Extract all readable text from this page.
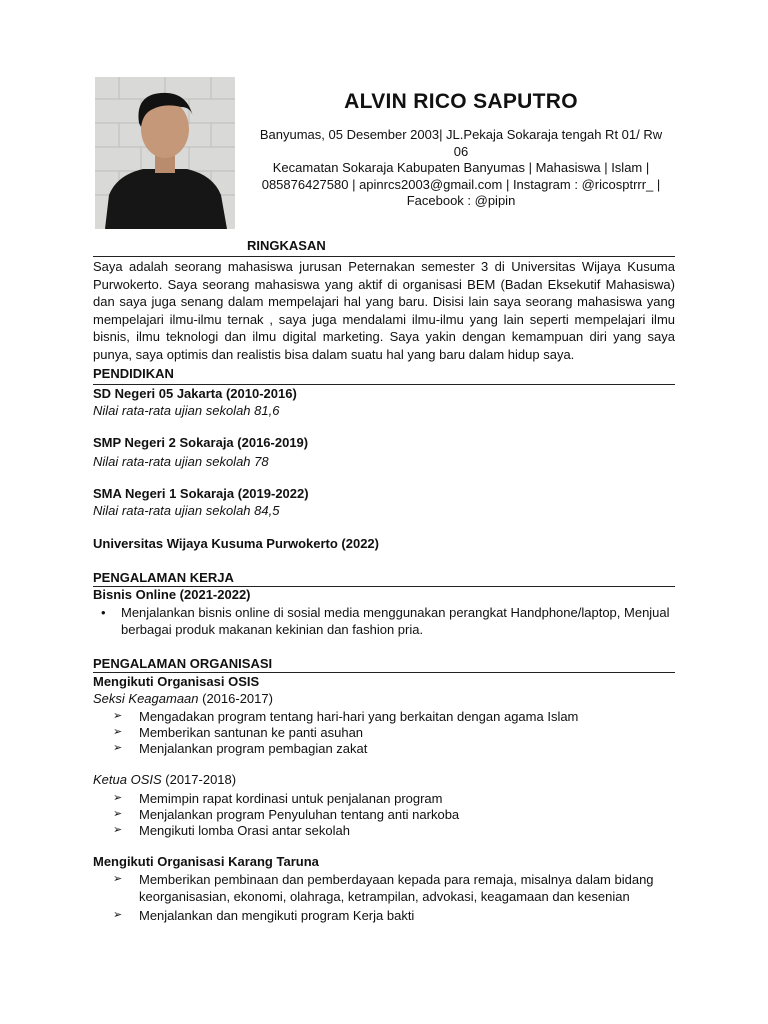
ALVIN RICO SAPUTRO
Banyumas, 05 Desember 2003| JL.Pekaja Sokaraja tengah Rt 01/ Rw 06
Kecamatan Sokaraja Kabupaten Banyumas | Mahasiswa | Islam |
085876427580 | apinrcs2003@gmail.com | Instagram : @ricosptrrr_ |
Facebook : @pipin
RINGKASAN
Saya adalah seorang mahasiswa jurusan Peternakan semester 3 di Universitas Wijaya Kusuma Purwokerto. Saya seorang mahasiswa yang aktif di organisasi BEM (Badan Eksekutif Mahasiswa) dan saya juga senang dalam mempelajari hal yang baru. Disisi lain saya seorang mahasiswa yang mempelajari ilmu-ilmu ternak , saya juga mendalami ilmu-ilmu yang lain seperti mempelajari ilmu bisnis, ilmu teknologi dan ilmu digital marketing. Saya yakin dengan kemampuan diri yang saya punya, saya optimis dan realistis bisa dalam suatu hal yang baru dalam hidup saya.
PENDIDIKAN
SD Negeri 05 Jakarta (2010-2016)
Nilai rata-rata ujian sekolah 81,6
SMP Negeri 2 Sokaraja (2016-2019)
Nilai rata-rata ujian sekolah 78
SMA Negeri 1 Sokaraja (2019-2022)
Nilai rata-rata ujian sekolah 84,5
Universitas Wijaya Kusuma Purwokerto (2022)
PENGALAMAN KERJA
Bisnis Online (2021-2022)
• Menjalankan bisnis online di sosial media menggunakan perangkat Handphone/laptop, Menjual berbagai produk makanan kekinian dan fashion pria.
PENGALAMAN ORGANISASI
Mengikuti Organisasi OSIS
Seksi Keagamaan (2016-2017)
➢ Mengadakan program tentang hari-hari yang berkaitan dengan agama Islam
➢ Memberikan santunan ke panti asuhan
➢ Menjalankan program pembagian zakat
Ketua OSIS (2017-2018)
➢ Memimpin rapat kordinasi untuk penjalanan program
➢ Menjalankan program Penyuluhan tentang anti narkoba
➢ Mengikuti lomba Orasi antar sekolah
Mengikuti Organisasi Karang Taruna
➢ Memberikan pembinaan dan pemberdayaan kepada para remaja, misalnya dalam bidang keorganisasian, ekonomi, olahraga, ketrampilan, advokasi, keagamaan dan kesenian
➢ Menjalankan dan mengikuti program Kerja bakti
